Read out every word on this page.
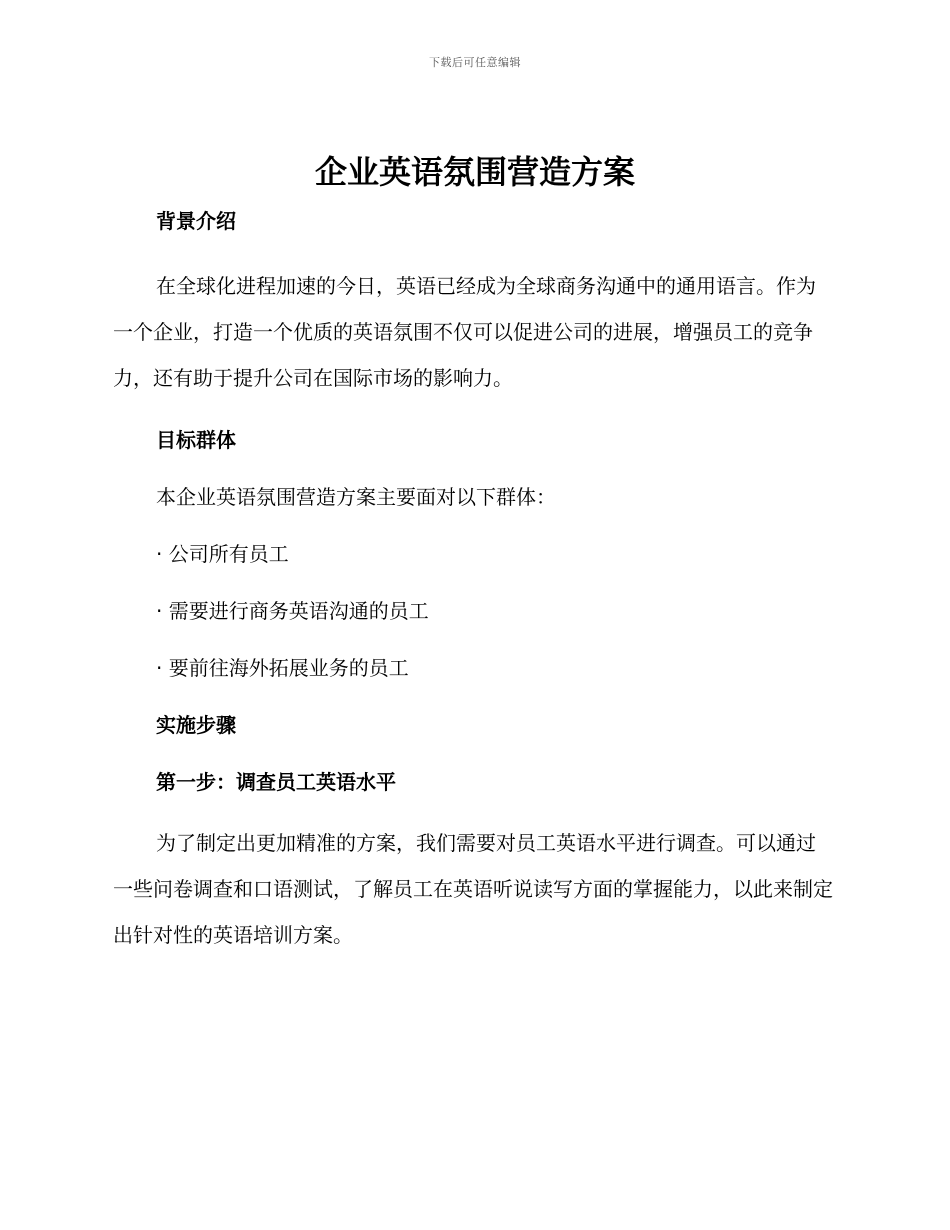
下载后可任意编辑
企业英语氛围营造方案
背景介绍

在全球化进程加速的今日，英语已经成为全球商务沟通中的通用语言。作为一个企业，打造一个优质的英语氛围不仅可以促进公司的进展，增强员工的竞争力，还有助于提升公司在国际市场的影响力。

目标群体

本企业英语氛围营造方案主要面对以下群体：

· 公司所有员工

· 需要进行商务英语沟通的员工

· 要前往海外拓展业务的员工

实施步骤
第一步：调查员工英语水平

为了制定出更加精准的方案，我们需要对员工英语水平进行调查。可以通过一些问卷调查和口语测试，了解员工在英语听说读写方面的掌握能力，以此来制定出针对性的英语培训方案。
